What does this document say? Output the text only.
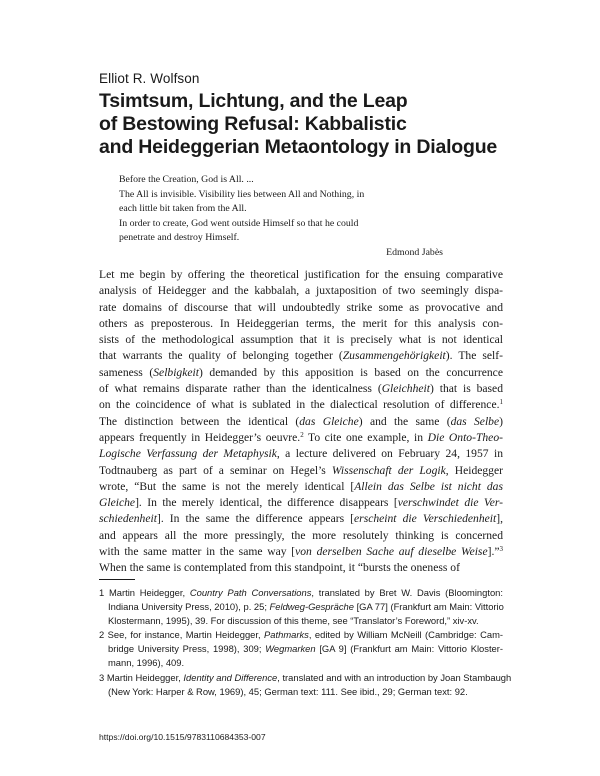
Elliot R. Wolfson
Tsimtsum, Lichtung, and the Leap
of Bestowing Refusal: Kabbalistic
and Heideggerian Metaontology in Dialogue
Before the Creation, God is All. ...
The All is invisible. Visibility lies between All and Nothing, in
each little bit taken from the All.
In order to create, God went outside Himself so that he could
penetrate and destroy Himself.
Edmond Jabès
Let me begin by offering the theoretical justification for the ensuing comparative
analysis of Heidegger and the kabbalah, a juxtaposition of two seemingly dispa-
rate domains of discourse that will undoubtedly strike some as provocative and
others as preposterous. In Heideggerian terms, the merit for this analysis con-
sists of the methodological assumption that it is precisely what is not identical
that warrants the quality of belonging together (Zusammengehörigkeit). The self-
sameness (Selbigkeit) demanded by this apposition is based on the concurrence
of what remains disparate rather than the identicalness (Gleichheit) that is based
on the coincidence of what is sublated in the dialectical resolution of difference.$^1$
The distinction between the identical (das Gleiche) and the same (das Selbe)
appears frequently in Heidegger’s oeuvre.$^2$ To cite one example, in Die Onto-Theo-
Logische Verfassung der Metaphysik, a lecture delivered on February 24, 1957 in
Todtnauberg as part of a seminar on Hegel’s Wissenschaft der Logik, Heidegger
wrote, “But the same is not the merely identical [Allein das Selbe ist nicht das
Gleiche]. In the merely identical, the difference disappears [verschwindet die Ver-
schiedenheit]. In the same the difference appears [erscheint die Verschiedenheit],
and appears all the more pressingly, the more resolutely thinking is concerned
with the same matter in the same way [von derselben Sache auf dieselbe Weise].”$^3$
When the same is contemplated from this standpoint, it “bursts the oneness of
1 Martin Heidegger, Country Path Conversations, translated by Bret W. Davis (Bloomington:
Indiana University Press, 2010), p. 25; Feldweg-Gespräche [GA 77] (Frankfurt am Main: Vittorio
Klostermann, 1995), 39. For discussion of this theme, see “Translator’s Foreword,” xiv-xv.
2 See, for instance, Martin Heidegger, Pathmarks, edited by William McNeill (Cambridge: Cam-
bridge University Press, 1998), 309; Wegmarken [GA 9] (Frankfurt am Main: Vittorio Kloster-
mann, 1996), 409.
3 Martin Heidegger, Identity and Difference, translated and with an introduction by Joan Stambaugh
(New York: Harper & Row, 1969), 45; German text: 111. See ibid., 29; German text: 92.
https://doi.org/10.1515/9783110684353-007
